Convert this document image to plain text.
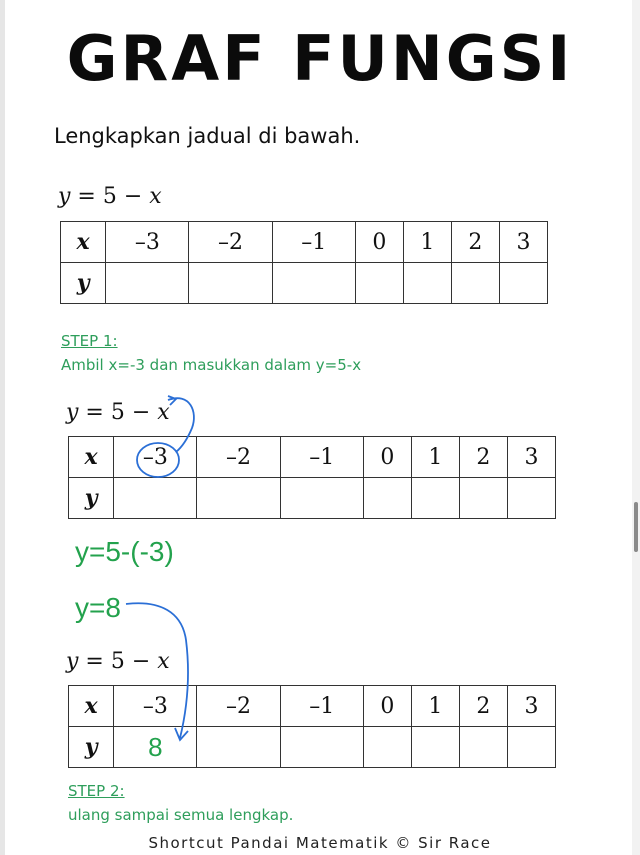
GRAF FUNGSI
Lengkapkan jadual di bawah.
y = 5 − x
x	–3	–2	–1	0	1	2	3
y							
STEP 1:
Ambil x=-3 dan masukkan dalam y=5-x
y = 5 − x
x	–3	–2	–1	0	1	2	3
y							
y=5-(-3)
y=8
y = 5 − x
x	–3	–2	–1	0	1	2	3
y	8						
STEP 2:
ulang sampai semua lengkap.
Shortcut Pandai Matematik © Sir Race
